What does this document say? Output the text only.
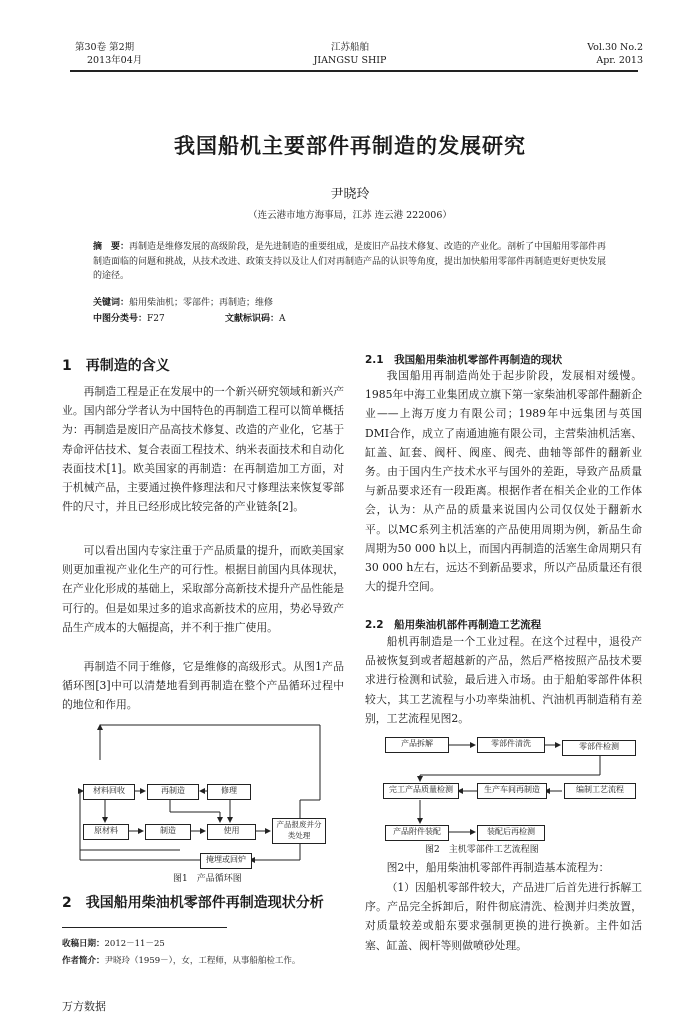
第30卷 第2期
2013年04月
江苏船舶
JIANGSU SHIP
Vol.30 No.2
Apr. 2013
我国船机主要部件再制造的发展研究
尹晓玲
（连云港市地方海事局，江苏 连云港 222006）
摘　要：再制造是维修发展的高级阶段，是先进制造的重要组成，是废旧产品技术修复、改造的产业化。剖析了中国船用零部件再制造面临的问题和挑战，从技术改进、政策支持以及让人们对再制造产品的认识等角度，提出加快船用零部件再制造更好更快发展的途径。
关键词：船用柴油机；零部件；再制造；维修
中图分类号：F27	文献标识码：A
1　再制造的含义

再制造工程是正在发展中的一个新兴研究领域和新兴产业。国内部分学者认为中国特色的再制造工程可以简单概括为：再制造是废旧产品高技术修复、改造的产业化，它基于寿命评估技术、复合表面工程技术、纳米表面技术和自动化表面技术[1]。欧美国家的再制造：在再制造加工方面，对于机械产品，主要通过换件修理法和尺寸修理法来恢复零部件的尺寸，并且已经形成比较完备的产业链条[2]。

可以看出国内专家注重于产品质量的提升，而欧美国家则更加重视产业化生产的可行性。根据目前国内具体现状，在产业化形成的基础上，采取部分高新技术提升产品性能是可行的。但是如果过多的追求高新技术的应用，势必导致产品生产成本的大幅提高，并不利于推广使用。

再制造不同于维修，它是维修的高级形式。从图1产品循环图[3]中可以清楚地看到再制造在整个产品循环过程中的地位和作用。

材料回收	再制造	修理
原材料	制造	使用
产品报废并分类处理
掩埋或回炉
图1　产品循环图
2　我国船用柴油机零部件再制造现状分析
收稿日期：2012－11－25
作者简介：尹晓玲（1959－），女，工程师，从事船舶检工作。
2.1　我国船用柴油机零部件再制造的现状

我国船用再制造尚处于起步阶段，发展相对缓慢。1985年中海工业集团成立旗下第一家柴油机零部件翻新企业——上海万度力有限公司；1989年中远集团与英国DMI合作，成立了南通迪施有限公司，主营柴油机活塞、缸盖、缸套、阀杆、阀座、阀壳、曲轴等部件的翻新业务。由于国内生产技术水平与国外的差距，导致产品质量与新品要求还有一段距离。根据作者在相关企业的工作体会，认为：从产品的质量来说国内公司仅仅处于翻新水平。以MC系列主机活塞的产品使用周期为例，新品生命周期为50 000 h以上，而国内再制造的活塞生命周期只有30 000 h左右，远达不到新品要求，所以产品质量还有很大的提升空间。

2.2　船用柴油机部件再制造工艺流程

船机再制造是一个工业过程。在这个过程中，退役产品被恢复到或者超越新的产品，然后严格按照产品技术要求进行检测和试验，最后进入市场。由于船舶零部件体积较大，其工艺流程与小功率柴油机、汽油机再制造稍有差别，工艺流程见图2。

产品拆解	零部件清洗	零部件检测
完工产品质量检测	生产车间再制造	编制工艺流程
产品附件装配	装配后再检测
图2　主机零部件工艺流程图

图2中，船用柴油机零部件再制造基本流程为：

（1）因船机零部件较大，产品进厂后首先进行拆解工序。产品完全拆卸后，附件彻底清洗、检测并归类放置，对质量较差或船东要求强制更换的进行换新。主件如活塞、缸盖、阀杆等则做喷砂处理。

万方数据
